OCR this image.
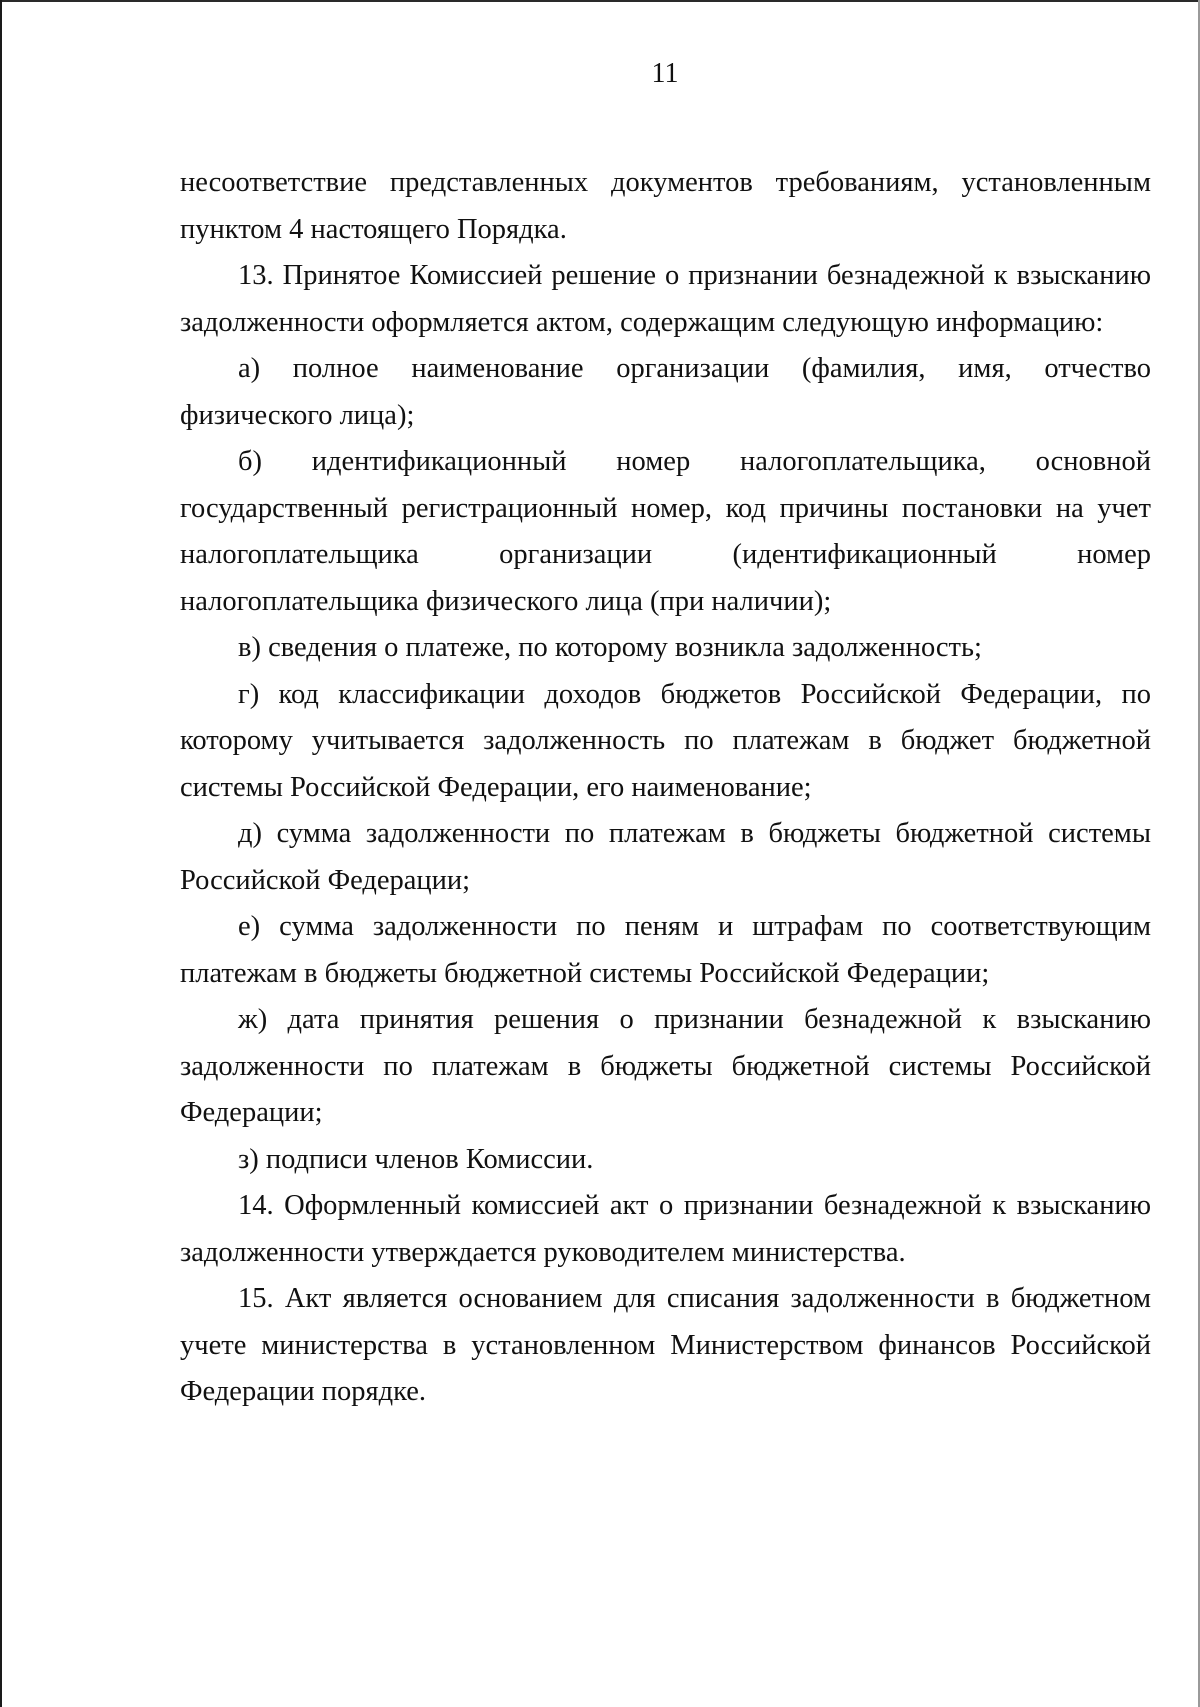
11

несоответствие представленных документов требованиям, установленным пунктом 4 настоящего Порядка.

13. Принятое Комиссией решение о признании безнадежной к взысканию задолженности оформляется актом, содержащим следующую информацию:

а) полное наименование организации (фамилия, имя, отчество физического лица);

б) идентификационный номер налогоплательщика, основной государственный регистрационный номер, код причины постановки на учет налогоплательщика организации (идентификационный номер налогоплательщика физического лица (при наличии);

в) сведения о платеже, по которому возникла задолженность;

г) код классификации доходов бюджетов Российской Федерации, по которому учитывается задолженность по платежам в бюджет бюджетной системы Российской Федерации, его наименование;

д) сумма задолженности по платежам в бюджеты бюджетной системы Российской Федерации;

е) сумма задолженности по пеням и штрафам по соответствующим платежам в бюджеты бюджетной системы Российской Федерации;

ж) дата принятия решения о признании безнадежной к взысканию задолженности по платежам в бюджеты бюджетной системы Российской Федерации;

з) подписи членов Комиссии.

14. Оформленный комиссией акт о признании безнадежной к взысканию задолженности утверждается руководителем министерства.

15. Акт является основанием для списания задолженности в бюджетном учете министерства в установленном Министерством финансов Российской Федерации порядке.
